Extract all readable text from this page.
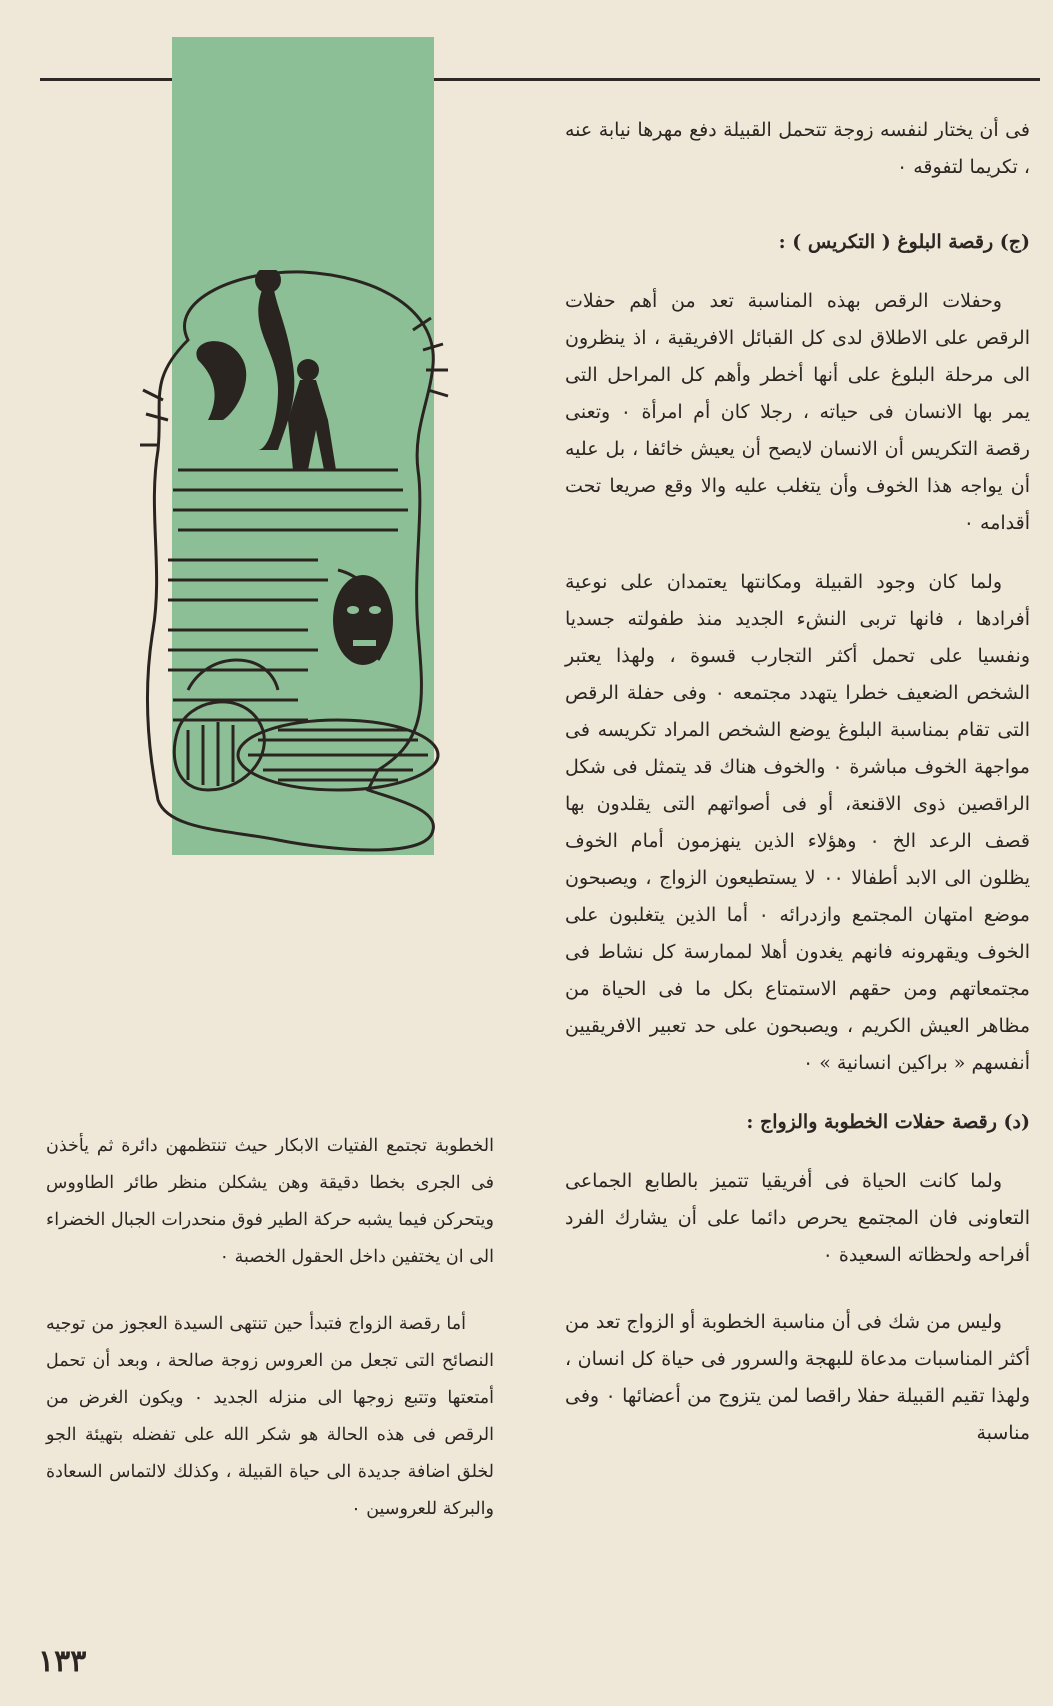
فى أن يختار لنفسه زوجة تتحمل القبيلة دفع مهرها نيابة عنه ، تكريما لتفوقه ٠

(ج) رقصة البلوغ ( التكريس ) :

وحفلات الرقص بهذه المناسبة تعد من أهم حفلات الرقص على الاطلاق لدى كل القبائل الافريقية ، اذ ينظرون الى مرحلة البلوغ على أنها أخطر وأهم كل المراحل التى يمر بها الانسان فى حياته ، رجلا كان أم امرأة ٠ وتعنى رقصة التكريس أن الانسان لايصح أن يعيش خائفا ، بل عليه أن يواجه هذا الخوف وأن يتغلب عليه والا وقع صريعا تحت أقدامه ٠

ولما كان وجود القبيلة ومكانتها يعتمدان على نوعية أفرادها ، فانها تربى النشء الجديد منذ طفولته جسديا ونفسيا على تحمل أكثر التجارب قسوة ، ولهذا يعتبر الشخص الضعيف خطرا يتهدد مجتمعه ٠ وفى حفلة الرقص التى تقام بمناسبة البلوغ يوضع الشخص المراد تكريسه فى مواجهة الخوف مباشرة ٠ والخوف هناك قد يتمثل فى شكل الراقصين ذوى الاقنعة، أو فى أصواتهم التى يقلدون بها قصف الرعد الخ ٠ وهؤلاء الذين ينهزمون أمام الخوف يظلون الى الابد أطفالا ٠٠ لا يستطيعون الزواج ، ويصبحون موضع امتهان المجتمع وازدرائه ٠ أما الذين يتغلبون على الخوف ويقهرونه فانهم يغدون أهلا لممارسة كل نشاط فى مجتمعاتهم ومن حقهم الاستمتاع بكل ما فى الحياة من مظاهر العيش الكريم ، ويصبحون على حد تعبير الافريقيين أنفسهم « براكين انسانية » ٠

(د) رقصة حفلات الخطوبة والزواج :

ولما كانت الحياة فى أفريقيا تتميز بالطابع الجماعى التعاونى فان المجتمع يحرص دائما على أن يشارك الفرد أفراحه ولحظاته السعيدة ٠

وليس من شك فى أن مناسبة الخطوبة أو الزواج تعد من أكثر المناسبات مدعاة للبهجة والسرور فى حياة كل انسان ، ولهذا تقيم القبيلة حفلا راقصا لمن يتزوج من أعضائها ٠ وفى مناسبة

الخطوبة تجتمع الفتيات الابكار حيث تنتظمهن دائرة ثم يأخذن فى الجرى بخطا دقيقة وهن يشكلن منظر طائر الطاووس ويتحركن فيما يشبه حركة الطير فوق منحدرات الجبال الخضراء الى ان يختفين داخل الحقول الخصبة ٠

أما رقصة الزواج فتبدأ حين تنتهى السيدة العجوز من توجيه النصائح التى تجعل من العروس زوجة صالحة ، وبعد أن تحمل أمتعتها وتتبع زوجها الى منزله الجديد ٠ ويكون الغرض من الرقص فى هذه الحالة هو شكر الله على تفضله بتهيئة الجو لخلق اضافة جديدة الى حياة القبيلة ، وكذلك لالتماس السعادة والبركة للعروسين ٠

١٣٣
